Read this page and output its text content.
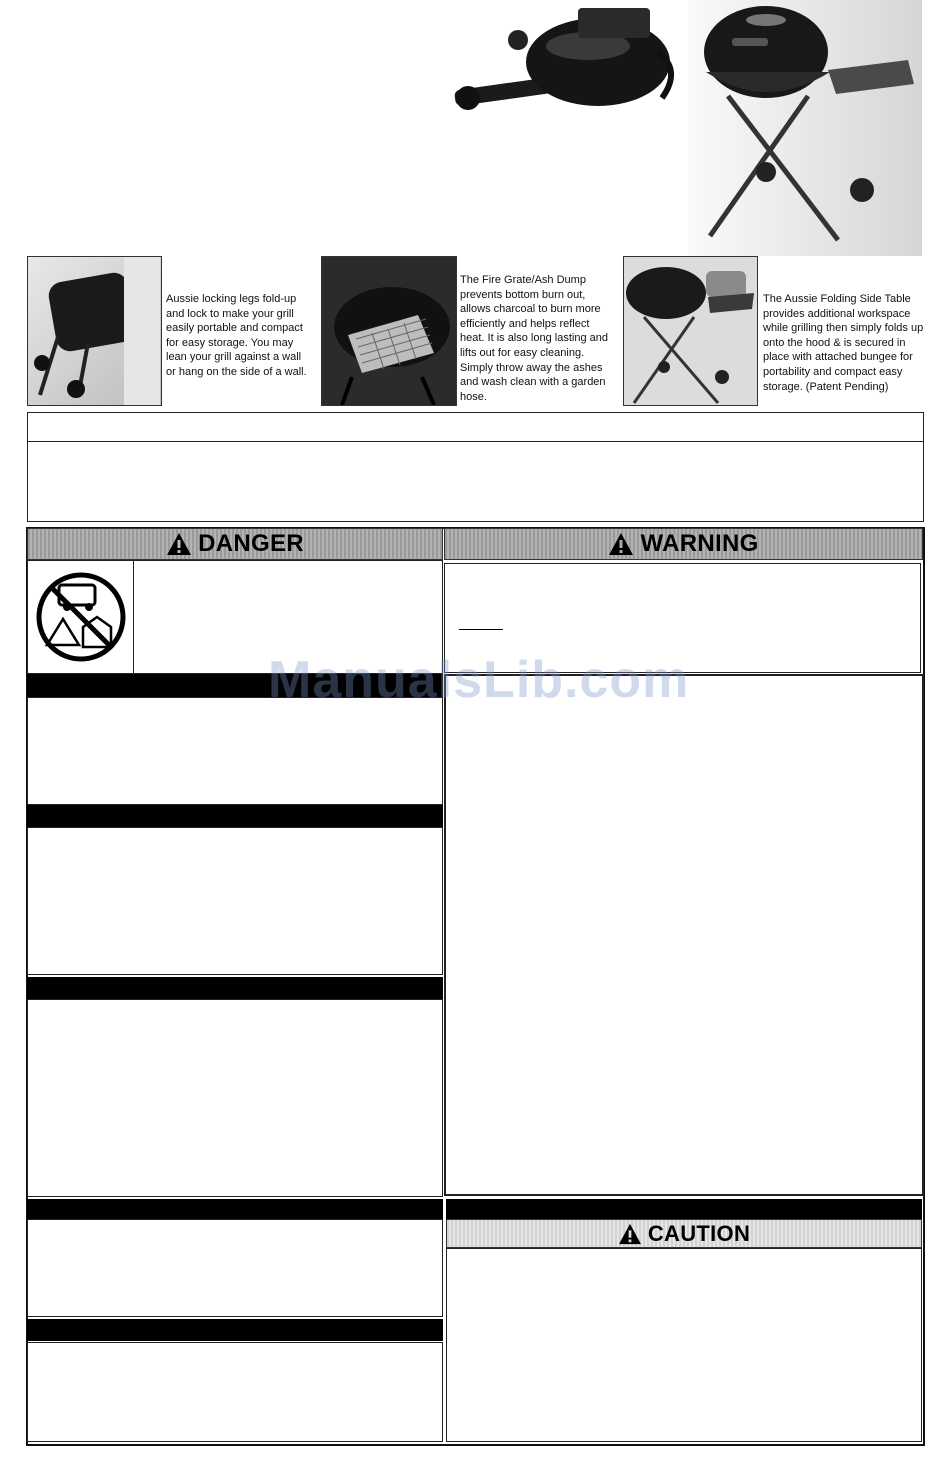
Aussie locking legs fold-up and lock to make your grill easily portable and compact for easy storage. You may lean your grill against a wall or hang on the side of a wall.
The Fire Grate/Ash Dump prevents bottom burn out, allows charcoal to burn more efficiently and helps reflect heat. It is also long lasting and lifts out for easy cleaning. Simply throw away the ashes and wash clean with a garden hose.
The Aussie Folding Side Table provides additional workspace while grilling then simply folds up onto the hood & is secured in place with attached bungee for portability and compact easy storage. (Patent Pending)
DANGER	WARNING
CAUTION
ManualsLib.com
